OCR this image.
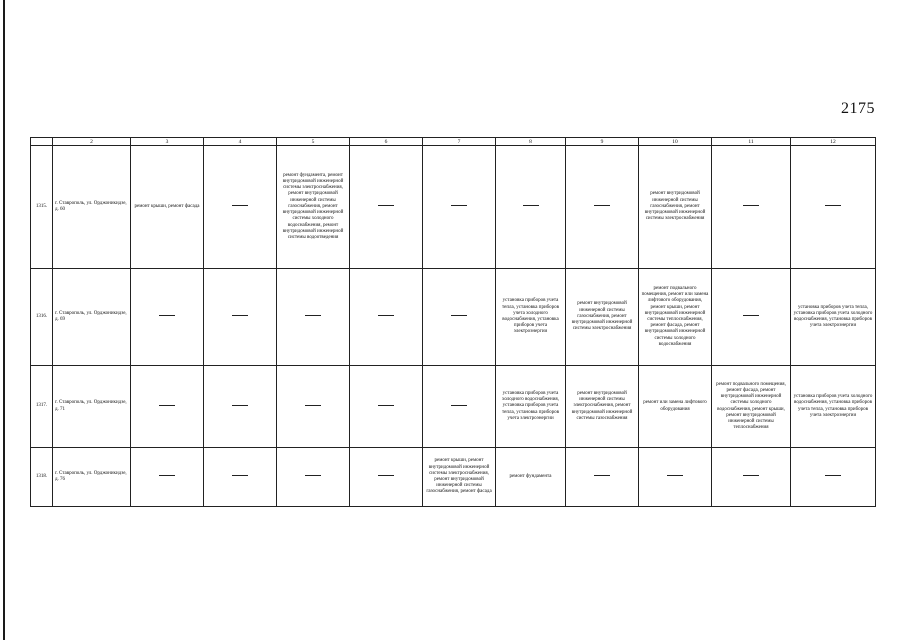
2175
	2	3	4	5	6	7	8	9	10	11	12
1315.	г. Ставрополь, ул. Орджоникидзе, д. 60	ремонт крыши, ремонт фасада		ремонт фундамента, ремонт внутридомовой инженерной системы электроснабжения, ремонт внутридомовой инженерной системы газоснабжения, ремонт внутридомовой инженерной системы холодного водоснабжения, ремонт внутридомовой инженерной системы водоотведения					ремонт внутридомовой инженерной системы газоснабжения, ремонт внутридомовой инженерной системы электроснабжения		
1316.	г. Ставрополь, ул. Орджоникидзе, д. 69						установка приборов учета тепла, установка приборов учета холодного водоснабжения, установка приборов учета электроэнергии	ремонт внутридомовой инженерной системы газоснабжения, ремонт внутридомовой инженерной системы электроснабжения	ремонт подвального помещения, ремонт или замена лифтового оборудования, ремонт крыши, ремонт внутридомовой инженерной системы теплоснабжения, ремонт фасада, ремонт внутридомовой инженерной системы холодного водоснабжения		установка приборов учета тепла, установка приборов учета холодного водоснабжения, установка приборов учета электроэнергии
1317.	г. Ставрополь, ул. Орджоникидзе, д. 71						установка приборов учета холодного водоснабжения, установка приборов учета тепла, установка приборов учета электроэнергии	ремонт внутридомовой инженерной системы электроснабжения, ремонт внутридомовой инженерной системы газоснабжения	ремонт или замена лифтового оборудования	ремонт подвального помещения, ремонт фасада, ремонт внутридомовой инженерной системы холодного водоснабжения, ремонт крыши, ремонт внутридомовой инженерной системы теплоснабжения	установка приборов учета холодного водоснабжения, установка приборов учета тепла, установка приборов учета электроэнергии
1318.	г. Ставрополь, ул. Орджоникидзе, д. 76					ремонт крыши, ремонт внутридомовой инженерной системы электроснабжения, ремонт внутридомовой инженерной системы газоснабжения, ремонт фасада	ремонт фундамента				
